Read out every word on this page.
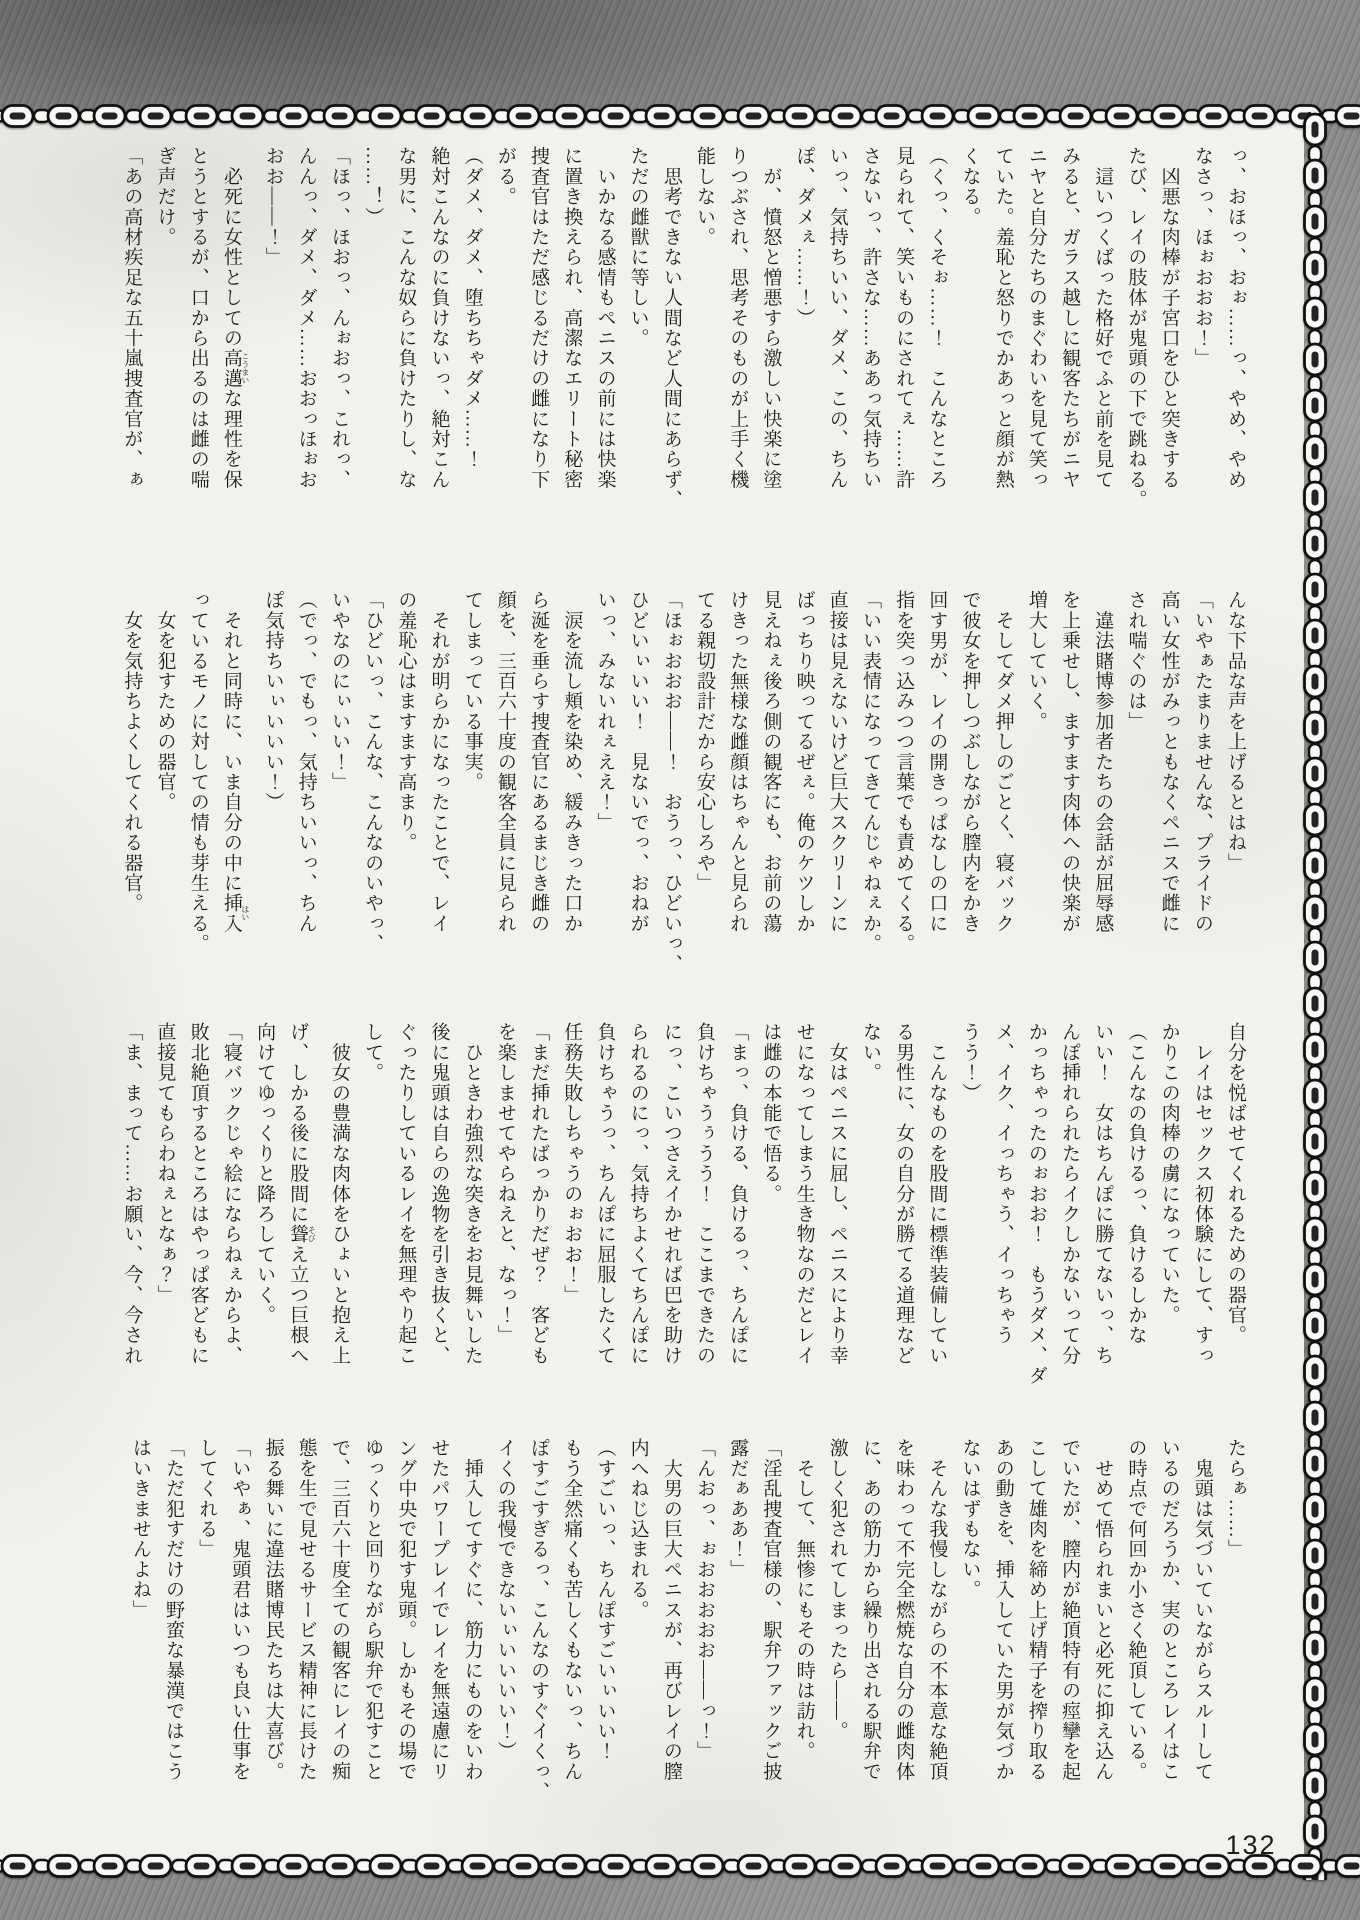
っ、おほっ、おぉ……っ、やめ、やめ

なさっ、ほぉおおお！」

　凶悪な肉棒が子宮口をひと突きする

たび、レイの肢体が鬼頭の下で跳ねる。

　這いつくばった格好でふと前を見て

みると、ガラス越しに観客たちがニヤ

ニヤと自分たちのまぐわいを見て笑っ

ていた。羞恥と怒りでかあっと顔が熱

くなる。

（くっ、くそぉ……！　こんなところ

見られて、笑いものにされてぇ……許

さないっ、許さな……ああっ気持ちい

いっ、気持ちいい、ダメ、この、ちん

ぽ、ダメぇ……！）

　が、憤怒と憎悪すら激しい快楽に塗

りつぶされ、思考そのものが上手く機

能しない。

　思考できない人間など人間にあらず、

ただの雌獣に等しい。

　いかなる感情もペニスの前には快楽

に置き換えられ、高潔なエリート秘密

捜査官はただ感じるだけの雌になり下

がる。

（ダメ、ダメ、堕ちちゃダメ……！

絶対こんなのに負けないっ、絶対こん

な男に、こんな奴らに負けたりし、な

……！）

「ほっ、ほおっ、んぉおっ、これっ、

んんっ、ダメ、ダメ……おおっほぉお

おお――！」

　必死に女性としての高邁 こうまいな理性を保

とうとするが、口から出るのは雌の喘

ぎ声だけ。

「あの高材疾足な五十嵐捜査官が、ぁ

んな下品な声を上げるとはね」

「いやぁたまりませんな、プライドの

高い女性がみっともなくペニスで雌に

され喘ぐのは」

　違法賭博参加者たちの会話が屈辱感

を上乗せし、ますます肉体への快楽が

増大していく。

　そしてダメ押しのごとく、寝バック

で彼女を押しつぶしながら膣内をかき

回す男が、レイの開きっぱなしの口に

指を突っ込みつつ言葉でも責めてくる。

「いい表情になってきてんじゃねぇか。

直接は見えないけど巨大スクリーンに

ばっちり映ってるぜぇ。俺のケツしか

見えねぇ後ろ側の観客にも、お前の蕩

けきった無様な雌顔はちゃんと見られ

てる親切設計だから安心しろや」

「ほぉおおお――！　おうっ、ひどいっ、

ひどいぃいい！　見ないでっ、おねが

いっ、みないれぇええ！」

　涙を流し頬を染め、緩みきった口か

ら涎を垂らす捜査官にあるまじき雌の

顔を、三百六十度の観客全員に見られ

てしまっている事実。

　それが明らかになったことで、レイ

の羞恥心はますます高まり。

「ひどいっ、こんな、こんなのいやっ、

いやなのにぃいい！」

（でっ、でもっ、気持ちいいっ、ちん

ぽ気持ちいぃいいい！）

　それと同時に、いま自分の中に挿入 はい

っているモノに対しての情も芽生える。

　女を犯すための器官。

　女を気持ちよくしてくれる器官。

自分を悦ばせてくれるための器官。

　レイはセックス初体験にして、すっ

かりこの肉棒の虜になっていた。

（こんなの負けるっ、負けるしかな

いい！　女はちんぽに勝てないっ、ち

んぽ挿れられたらイクしかないって分

かっちゃったのぉおお！　もうダメ、ダ

メ、イク、イっちゃう、イっちゃう

うう！）

　こんなものを股間に標準装備してい

る男性に、女の自分が勝てる道理など

ない。

　女はペニスに屈し、ペニスにより幸

せになってしまう生き物なのだとレイ

は雌の本能で悟る。

「まっ、負ける、負けるっ、ちんぽに

負けちゃうぅうう！　ここまできたの

にっ、こいつさえイかせれば巴を助け

られるのにっ、気持ちよくてちんぽに

負けちゃうっ、ちんぽに屈服したくて

任務失敗しちゃうのぉおお！」

「まだ挿れたばっかりだぜ？　客ども

を楽しませてやらねえと、なっ！」

　ひときわ強烈な突きをお見舞いした

後に鬼頭は自らの逸物を引き抜くと、

ぐったりしているレイを無理やり起こ

して。

　彼女の豊満な肉体をひょいと抱え上

げ、しかる後に股間に聳 そびえ立つ巨根へ

向けてゆっくりと降ろしていく。

「寝バックじゃ絵にならねぇからよ、

敗北絶頂するところはやっぱ客どもに

直接見てもらわねぇとなぁ？」

「ま、まって……お願い、今、今され

たらぁ……」

　鬼頭は気づいていながらスルーして

いるのだろうか、実のところレイはこ

の時点で何回か小さく絶頂している。

　せめて悟られまいと必死に抑え込ん

でいたが、膣内が絶頂特有の痙攣を起

こして雄肉を締め上げ精子を搾り取る

あの動きを、挿入していた男が気づか

ないはずもない。

　そんな我慢しながらの不本意な絶頂

を味わって不完全燃焼な自分の雌肉体

に、あの筋力から繰り出される駅弁で

激しく犯されてしまったら――。

　そして、無惨にもその時は訪れ。

「淫乱捜査官様の、駅弁ファックご披

露だぁああ！」

「んおっ、ぉおおおおお――っ！」

　大男の巨大ペニスが、再びレイの膣

内へねじ込まれる。

（すごいっ、ちんぽすごいぃいい！

もう全然痛くも苦しくもないっ、ちん

ぽすごすぎるっ、こんなのすぐイくっ、

イくの我慢できないぃいいいい！）

　挿入してすぐに、筋力にものをいわ

せたパワープレイでレイを無遠慮にリ

ング中央で犯す鬼頭。しかもその場で

ゆっくりと回りながら駅弁で犯すこと

で、三百六十度全ての観客にレイの痴

態を生で見せるサービス精神に長けた

振る舞いに違法賭博民たちは大喜び。

「いやぁ、鬼頭君はいつも良い仕事を

してくれる」

「ただ犯すだけの野蛮な暴漢ではこう

はいきませんよね」

132
